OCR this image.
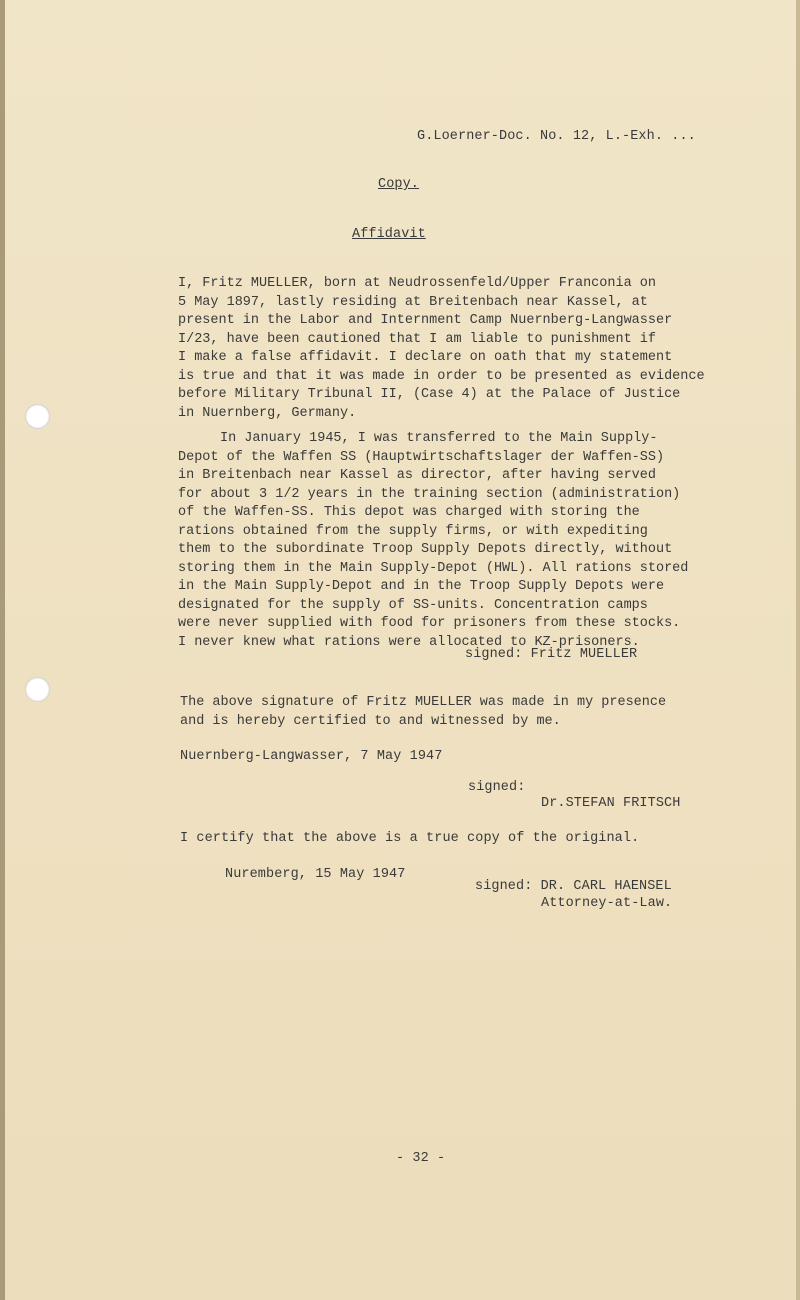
G.Loerner-Doc. No. 12, L.-Exh. ...
Copy.
Affidavit
I, Fritz MUELLER, born at Neudrossenfeld/Upper Franconia on
5 May 1897, lastly residing at Breitenbach near Kassel, at
present in the Labor and Internment Camp Nuernberg-Langwasser
I/23, have been cautioned that I am liable to punishment if
I make a false affidavit. I declare on oath that my statement
is true and that it was made in order to be presented as evidence
before Military Tribunal II, (Case 4) at the Palace of Justice
in Nuernberg, Germany.
In January 1945, I was transferred to the Main Supply-
Depot of the Waffen SS (Hauptwirtschaftslager der Waffen-SS)
in Breitenbach near Kassel as director, after having served
for about 3 1/2 years in the training section (administration)
of the Waffen-SS. This depot was charged with storing the
rations obtained from the supply firms, or with expediting
them to the subordinate Troop Supply Depots directly, without
storing them in the Main Supply-Depot (HWL). All rations stored
in the Main Supply-Depot and in the Troop Supply Depots were
designated for the supply of SS-units. Concentration camps
were never supplied with food for prisoners from these stocks.
I never knew what rations were allocated to KZ-prisoners.
signed: Fritz MUELLER
The above signature of Fritz MUELLER was made in my presence
and is hereby certified to and witnessed by me.
Nuernberg-Langwasser, 7 May 1947
signed:
Dr.STEFAN FRITSCH
I certify that the above is a true copy of the original.
Nuremberg, 15 May 1947
signed: DR. CARL HAENSEL
Attorney-at-Law.
- 32 -
